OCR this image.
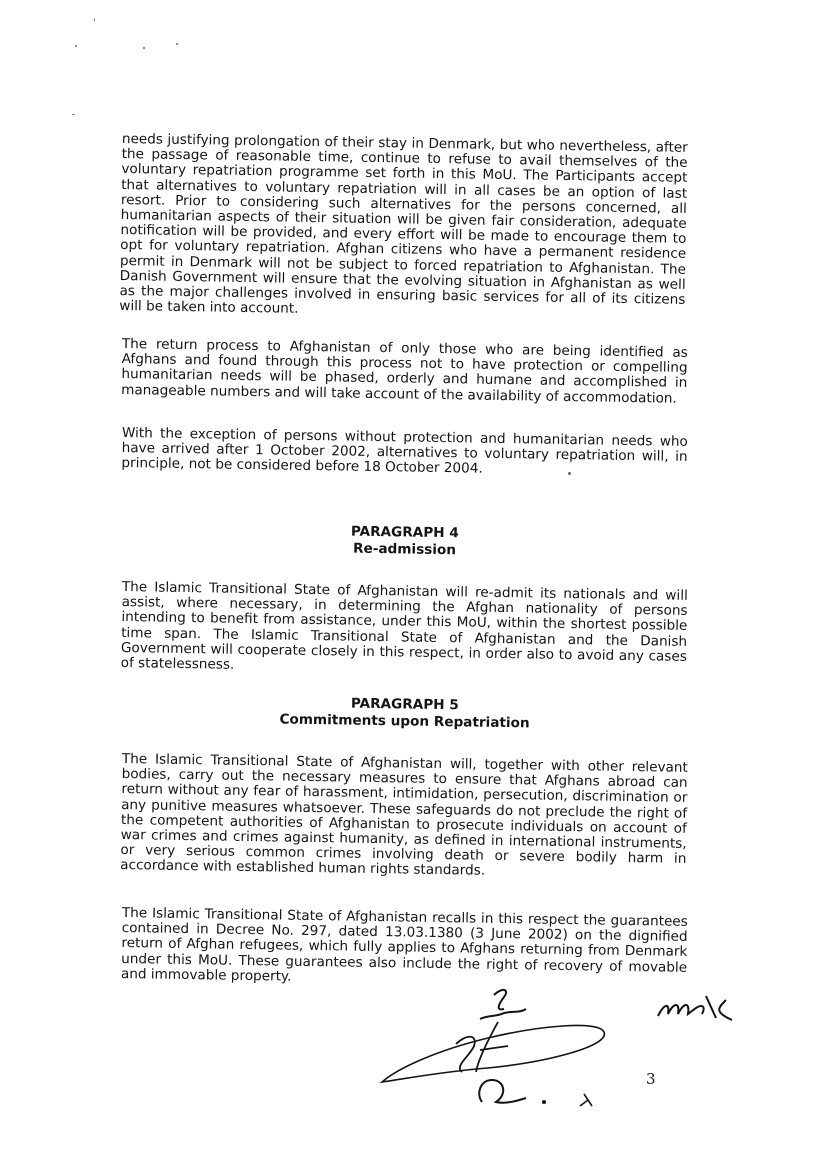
needs justifying prolongation of their stay in Denmark, but who nevertheless, after the passage of reasonable time, continue to refuse to avail themselves of the voluntary repatriation programme set forth in this MoU. The Participants accept that alternatives to voluntary repatriation will in all cases be an option of last resort. Prior to considering such alternatives for the persons concerned, all humanitarian aspects of their situation will be given fair consideration, adequate notification will be provided, and every effort will be made to encourage them to opt for voluntary repatriation. Afghan citizens who have a permanent residence permit in Denmark will not be subject to forced repatriation to Afghanistan. The Danish Government will ensure that the evolving situation in Afghanistan as well as the major challenges involved in ensuring basic services for all of its citizens will be taken into account.

The return process to Afghanistan of only those who are being identified as Afghans and found through this process not to have protection or compelling humanitarian needs will be phased, orderly and humane and accomplished in manageable numbers and will take account of the availability of accommodation.

With the exception of persons without protection and humanitarian needs who have arrived after 1 October 2002, alternatives to voluntary repatriation will, in principle, not be considered before 18 October 2004.

PARAGRAPH 4
Re-admission

The Islamic Transitional State of Afghanistan will re-admit its nationals and will assist, where necessary, in determining the Afghan nationality of persons intending to benefit from assistance, under this MoU, within the shortest possible time span. The Islamic Transitional State of Afghanistan and the Danish Government will cooperate closely in this respect, in order also to avoid any cases of statelessness.

PARAGRAPH 5
Commitments upon Repatriation

The Islamic Transitional State of Afghanistan will, together with other relevant bodies, carry out the necessary measures to ensure that Afghans abroad can return without any fear of harassment, intimidation, persecution, discrimination or any punitive measures whatsoever. These safeguards do not preclude the right of the competent authorities of Afghanistan to prosecute individuals on account of war crimes and crimes against humanity, as defined in international instruments, or very serious common crimes involving death or severe bodily harm in accordance with established human rights standards.

The Islamic Transitional State of Afghanistan recalls in this respect the guarantees contained in Decree No. 297, dated 13.03.1380 (3 June 2002) on the dignified return of Afghan refugees, which fully applies to Afghans returning from Denmark under this MoU. These guarantees also include the right of recovery of movable and immovable property.

3
